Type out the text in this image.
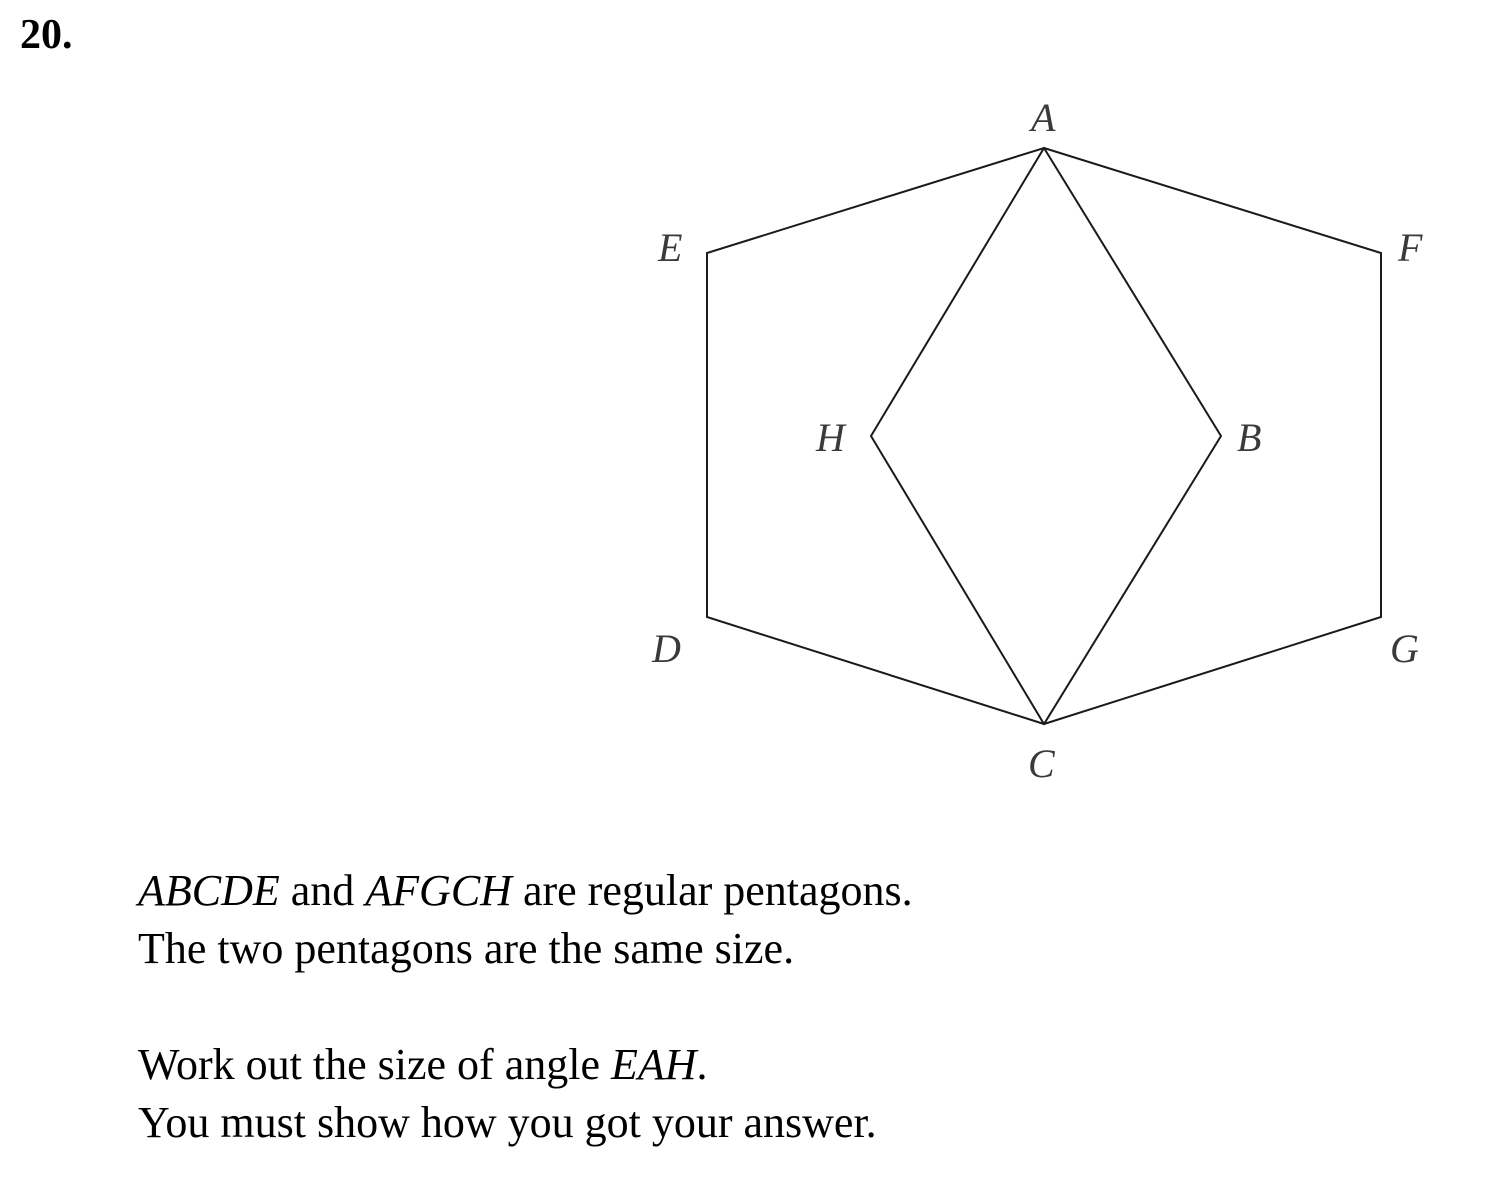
20.
A
B
C
D
E	F
G
H
ABCDE and AFGCH are regular pentagons.
The two pentagons are the same size.
Work out the size of angle EAH.
You must show how you got your answer.
